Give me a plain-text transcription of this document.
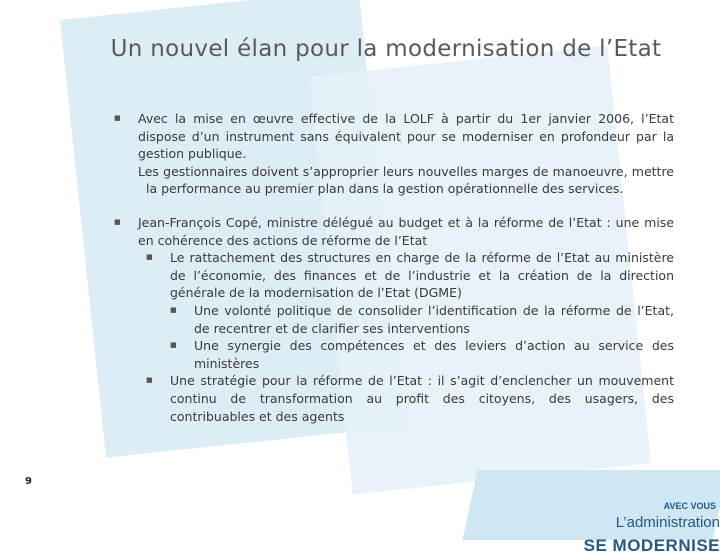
Un nouvel élan pour la modernisation de l’Etat
■	Avec la mise en œuvre effective de la LOLF à partir du 1er janvier 2006, l’Etat dispose d’un instrument sans équivalent pour se moderniser en profondeur par la gestion publique.
Les gestionnaires doivent s’approprier leurs nouvelles marges de manoeuvre, mettre la performance au premier plan dans la gestion opérationnelle des services.
■	Jean-François Copé, ministre délégué au budget et à la réforme de l’Etat : une mise en cohérence des actions de réforme de l’Etat
■	Le rattachement des structures en charge de la réforme de l’Etat au ministère de l’économie, des finances et de l’industrie et la création de la direction générale de la modernisation de l’Etat (DGME)
■	Une volonté politique de consolider l’identification de la réforme de l’Etat, de recentrer et de clarifier ses interventions
■	Une synergie des compétences et des leviers d’action au service des ministères
■	Une stratégie pour la réforme de l’Etat : il s’agit d’enclencher un mouvement continu de transformation au profit des citoyens, des usagers, des contribuables et des agents
9
AVEC VOUS L’administration
SE MODERNISE
